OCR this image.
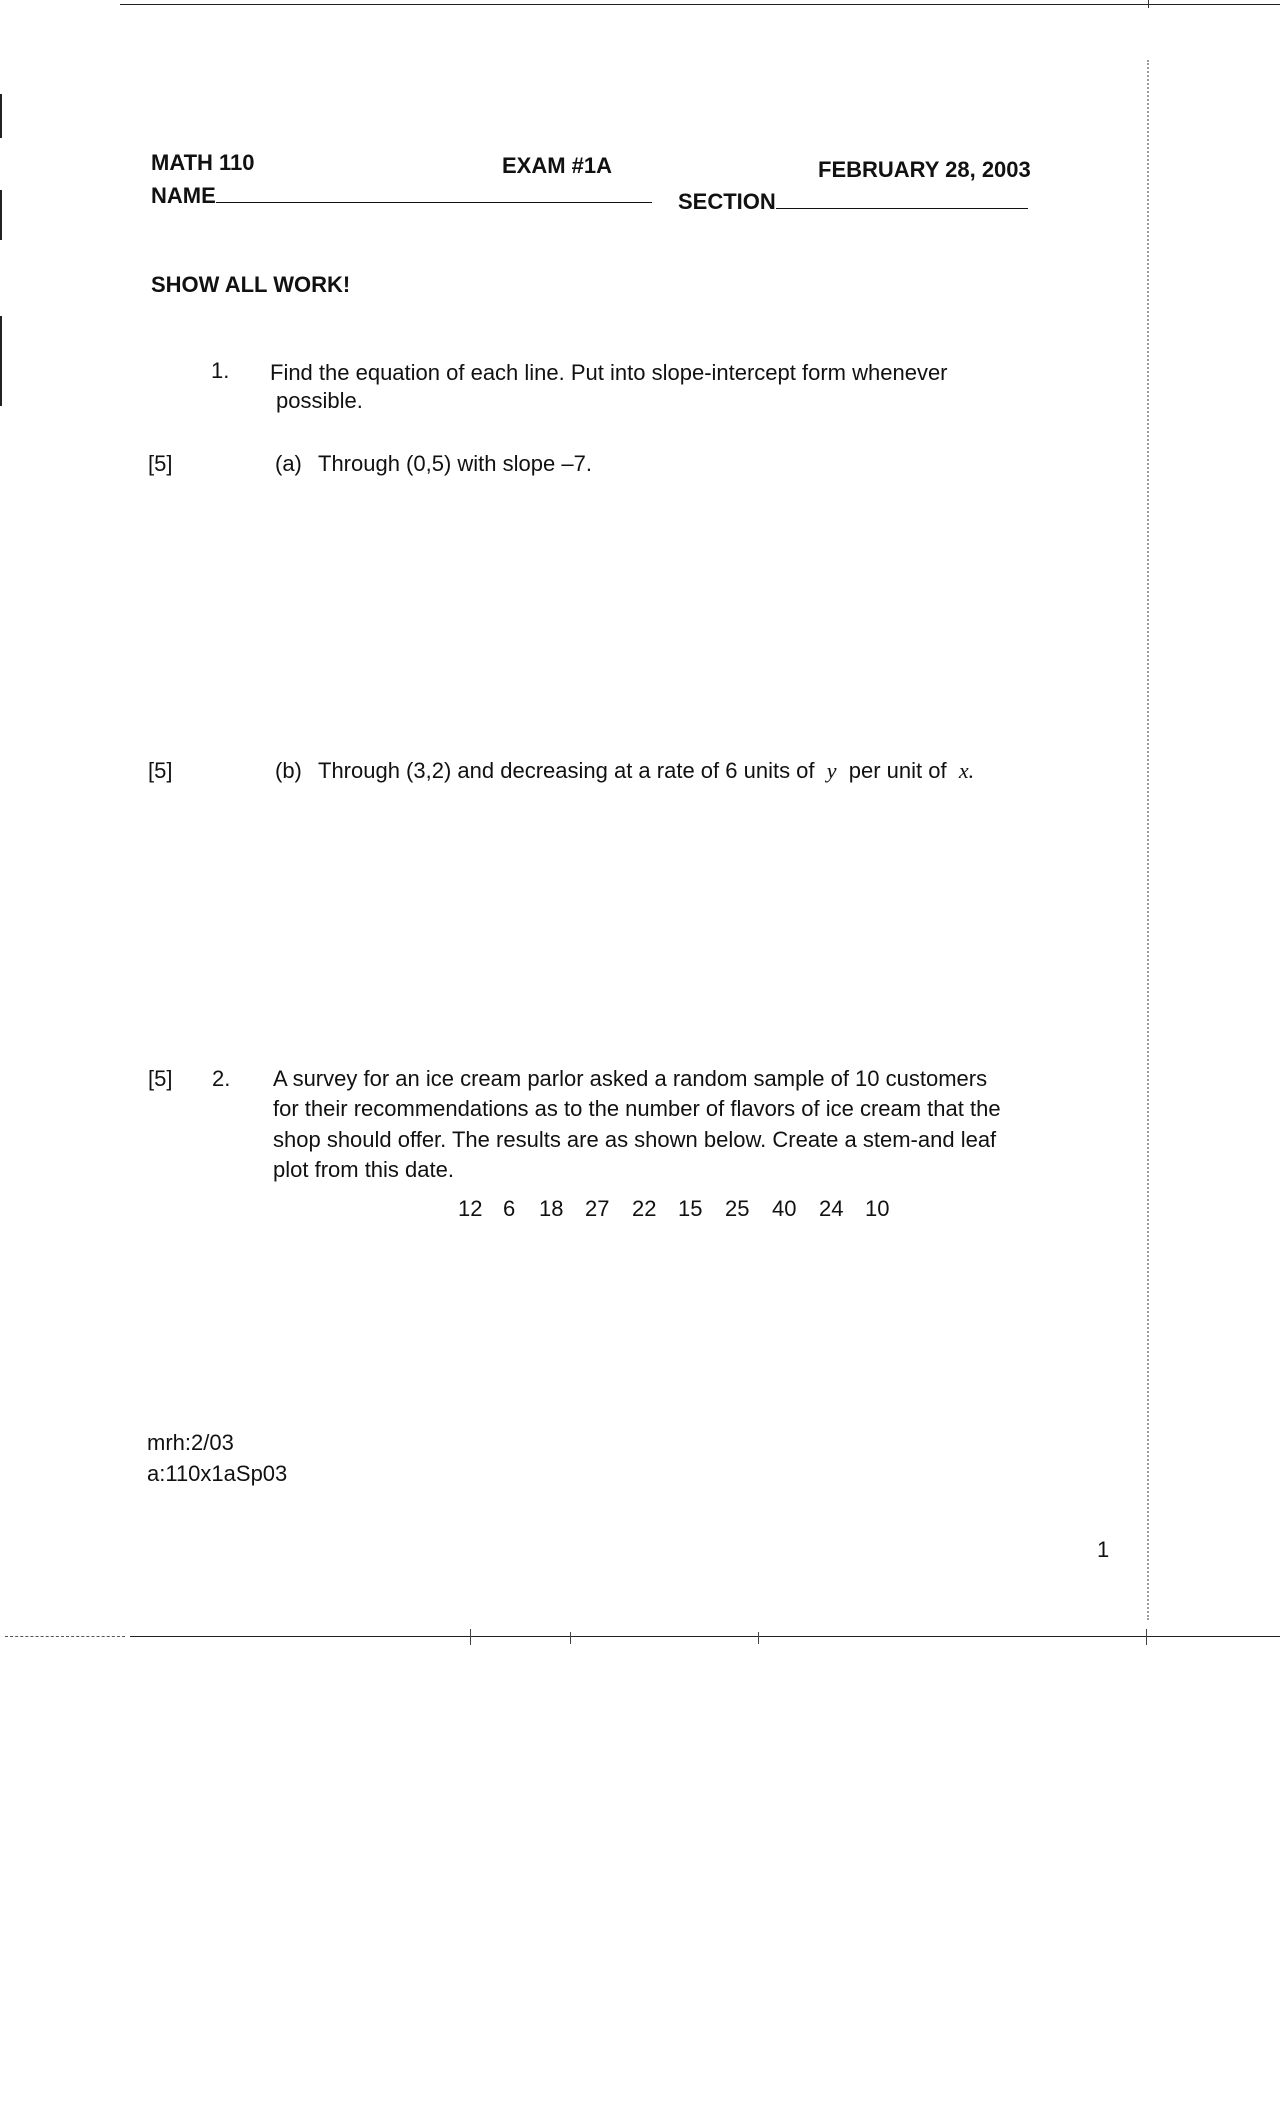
MATH 110	EXAM #1A	FEBRUARY 28, 2003
NAME	SECTION
SHOW ALL WORK!
1. Find the equation of each line. Put into slope-intercept form whenever
possible.
[5]	(a) Through (0,5) with slope –7.
[5]	(b) Through (3,2) and decreasing at a rate of 6 units of y per unit of x.
[5] 2. A survey for an ice cream parlor asked a random sample of 10 customers
for their recommendations as to the number of flavors of ice cream that the
shop should offer. The results are as shown below. Create a stem-and leaf
plot from this date.
12 6	18 27	22 15	25	40	24 10
mrh:2/03
a:110x1aSp03
1
